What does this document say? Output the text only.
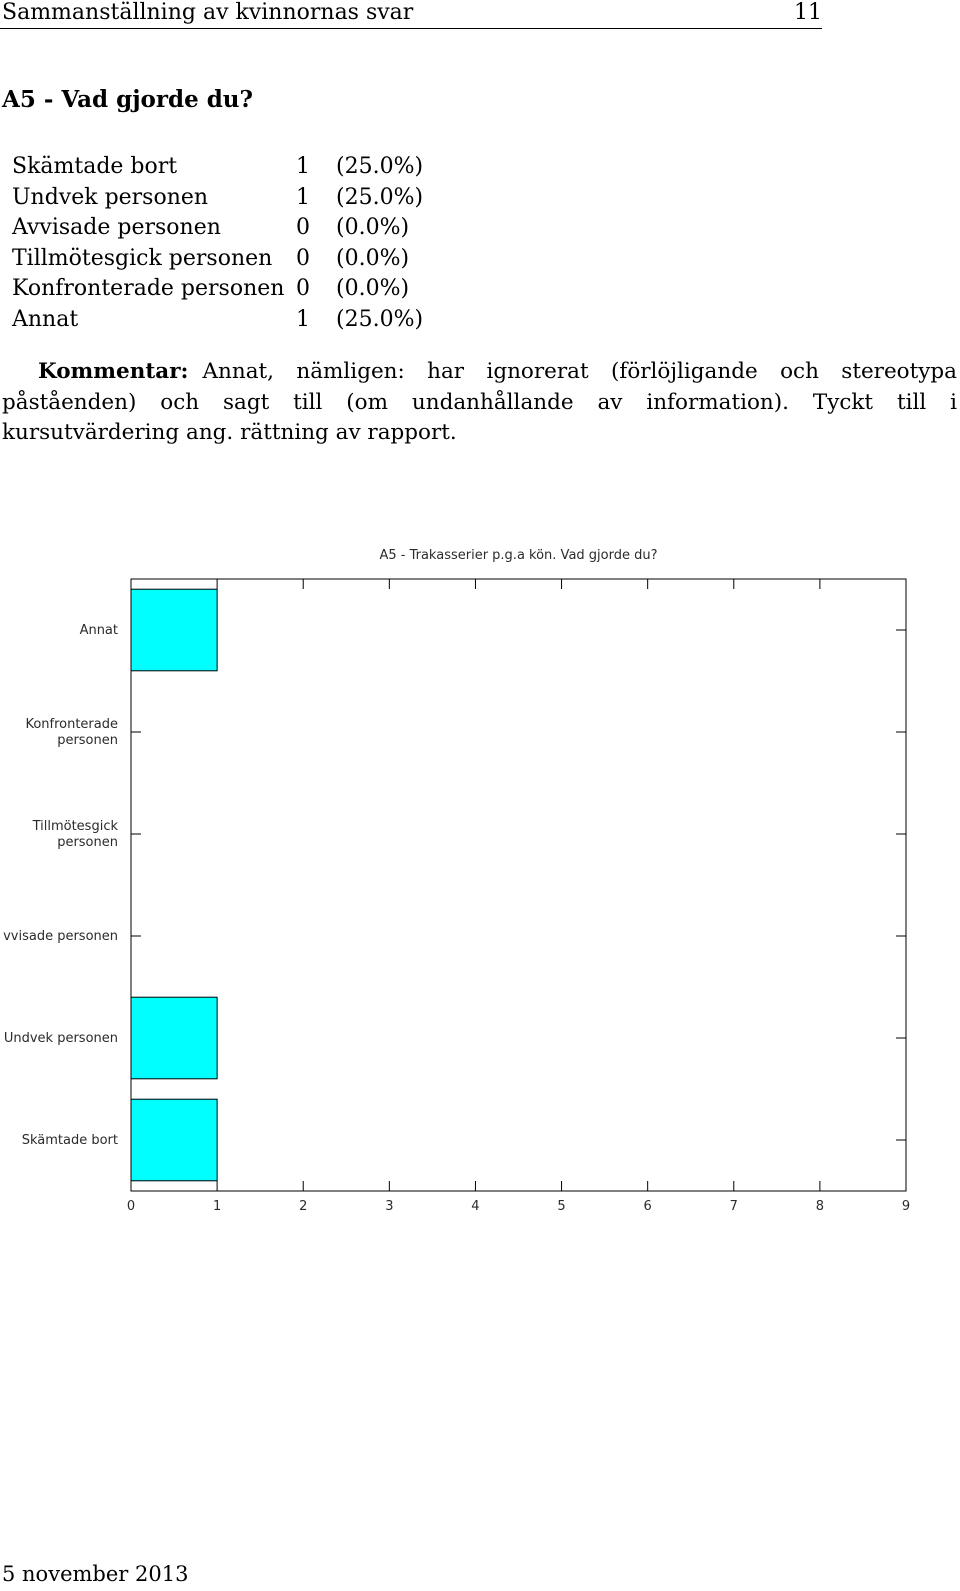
Sammanställning av kvinnornas svar	11
A5 - Vad gjorde du?
Skämtade bort	1	(25.0%)
Undvek personen	1	(25.0%)
Avvisade personen	0	(0.0%)
Tillmötesgick personen	0	(0.0%)
Konfronterade personen	0	(0.0%)
Annat	1	(25.0%)
Kommentar: Annat, nämligen: har ignorerat (förlöjligande och stereotypa påståenden) och sagt till (om undanhållande av information). Tyckt till i kursutvärdering ang. rättning av rapport.
A5 - Trakasserier p.g.a kön. Vad gjorde du?
0	1	2	3	4	5	6	7	8	9
Annat
Konfronterade
personen
Tillmötesgick
personen
vvisade personen
Undvek personen
Skämtade bort
5 november 2013
